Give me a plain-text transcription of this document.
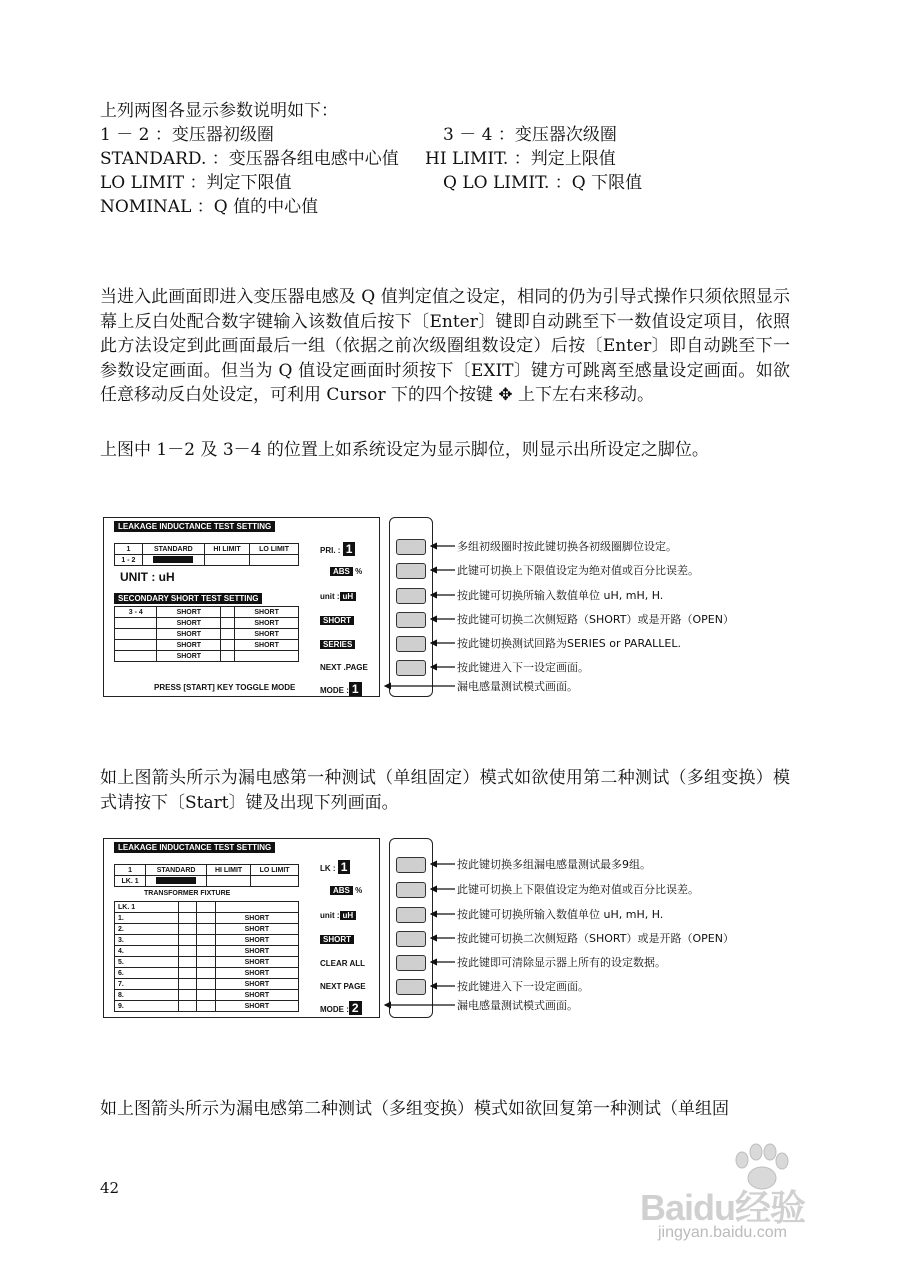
上列两图各显示参数说明如下：
1 － 2 ：变压器初级圈	3 － 4 ：变压器次级圈
STANDARD. ：变压器各组电感中心值 HI LIMIT. ：判定上限值
LO LIMIT ：判定下限值	Q LO LIMIT. ：Q 下限值
NOMINAL ：Q 值的中心值
当进入此画面即进入变压器电感及 Q 值判定值之设定，相同的仍为引导式操作只须依照显示幕上反白处配合数字键输入该数值后按下〔Enter〕键即自动跳至下一数值设定项目，依照此方法设定到此画面最后一组（依据之前次级圈组数设定）后按〔Enter〕即自动跳至下一参数设定画面。但当为 Q 值设定画面时须按下〔EXIT〕键方可跳离至感量设定画面。如欲任意移动反白处设定，可利用 Cursor 下的四个按键 ✥ 上下左右来移动。
上图中 1－2 及 3－4 的位置上如系统设定为显示脚位，则显示出所设定之脚位。
LEAKAGE INDUCTANCE TEST SETTING
1	STANDARD	HI LIMIT	LO LIMIT
1 - 2			
UNIT : uH
SECONDARY SHORT TEST SETTING
3 - 4	SHORT		SHORT
	SHORT		SHORT
	SHORT		SHORT
	SHORT		SHORT
	SHORT		
PRESS [START] KEY TOGGLE MODE
PRI. : 1
ABS %
unit : uH
SHORT
SERIES
NEXT .PAGE
MODE : 1
多组初级圈时按此键切换各初级圈脚位设定。
此键可切换上下限值设定为绝对值或百分比误差。
按此键可切换所输入数值单位 uH, mH, H.
按此键可切换二次侧短路（SHORT）或是开路（OPEN）
按此键切换测试回路为SERIES or PARALLEL.
按此键进入下一设定画面。
漏电感量测试模式画面。
如上图箭头所示为漏电感第一种测试（单组固定）模式如欲使用第二种测试（多组变换）模式请按下〔Start〕键及出现下列画面。
LEAKAGE INDUCTANCE TEST SETTING
1	STANDARD	HI LIMIT	LO LIMIT
LK. 1			
TRANSFORMER FIXTURE
LK. 1			
1.			SHORT
2.			SHORT
3.			SHORT
4.			SHORT
5.			SHORT
6.			SHORT
7.			SHORT
8.			SHORT
9.			SHORT
LK : 1
ABS %
unit : uH
SHORT
CLEAR ALL
NEXT PAGE
MODE : 2
按此键切换多组漏电感量测试最多9组。
此键可切换上下限值设定为绝对值或百分比误差。
按此键可切换所输入数值单位 uH, mH, H.
按此键可切换二次侧短路（SHORT）或是开路（OPEN）
按此键即可清除显示器上所有的设定数据。
按此键进入下一设定画面。
漏电感量测试模式画面。
如上图箭头所示为漏电感第二种测试（多组变换）模式如欲回复第一种测试（单组固
42	Baidu经验
jingyan.baidu.com
